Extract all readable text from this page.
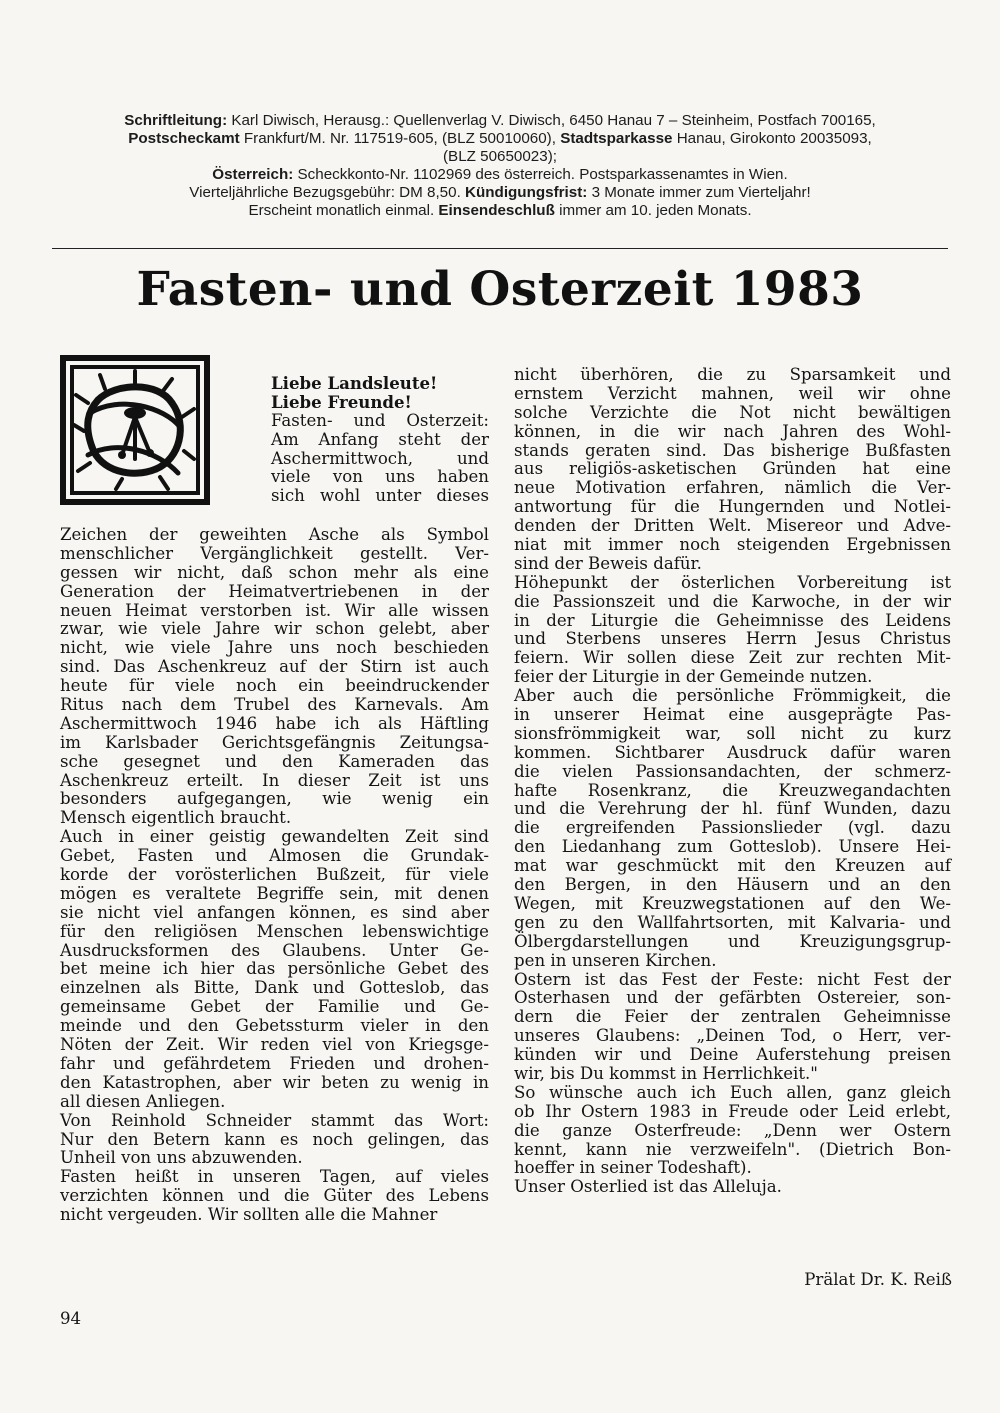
Schriftleitung: Karl Diwisch, Herausg.: Quellenverlag V. Diwisch, 6450 Hanau 7 – Steinheim, Postfach 700165,
Postscheckamt Frankfurt/M. Nr. 117519-605, (BLZ 50010060), Stadtsparkasse Hanau, Girokonto 20035093,
(BLZ 50650023);
Österreich: Scheckkonto-Nr. 1102969 des österreich. Postsparkassenamtes in Wien.
Vierteljährliche Bezugsgebühr: DM 8,50. Kündigungsfrist: 3 Monate immer zum Vierteljahr!
Erscheint monatlich einmal. Einsendeschluß immer am 10. jeden Monats.
Fasten- und Osterzeit 1983
Liebe Landsleute!
Liebe Freunde!
Fasten- und Osterzeit:
Am Anfang steht der
Aschermittwoch, und
viele von uns haben
sich wohl unter dieses
Zeichen der geweihten Asche als Symbol
menschlicher Vergänglichkeit gestellt. Ver-
gessen wir nicht, daß schon mehr als eine
Generation der Heimatvertriebenen in der
neuen Heimat verstorben ist. Wir alle wissen
zwar, wie viele Jahre wir schon gelebt, aber
nicht, wie viele Jahre uns noch beschieden
sind. Das Aschenkreuz auf der Stirn ist auch
heute für viele noch ein beeindruckender
Ritus nach dem Trubel des Karnevals. Am
Aschermittwoch 1946 habe ich als Häftling
im Karlsbader Gerichtsgefängnis Zeitungsa-
sche gesegnet und den Kameraden das
Aschenkreuz erteilt. In dieser Zeit ist uns
besonders aufgegangen, wie wenig ein
Mensch eigentlich braucht.
Auch in einer geistig gewandelten Zeit sind
Gebet, Fasten und Almosen die Grundak-
korde der vorösterlichen Bußzeit, für viele
mögen es veraltete Begriffe sein, mit denen
sie nicht viel anfangen können, es sind aber
für den religiösen Menschen lebenswichtige
Ausdrucksformen des Glaubens. Unter Ge-
bet meine ich hier das persönliche Gebet des
einzelnen als Bitte, Dank und Gotteslob, das
gemeinsame Gebet der Familie und Ge-
meinde und den Gebetssturm vieler in den
Nöten der Zeit. Wir reden viel von Kriegsge-
fahr und gefährdetem Frieden und drohen-
den Katastrophen, aber wir beten zu wenig in
all diesen Anliegen.
Von Reinhold Schneider stammt das Wort:
Nur den Betern kann es noch gelingen, das
Unheil von uns abzuwenden.
Fasten heißt in unseren Tagen, auf vieles
verzichten können und die Güter des Lebens
nicht vergeuden. Wir sollten alle die Mahner
nicht überhören, die zu Sparsamkeit und
ernstem Verzicht mahnen, weil wir ohne
solche Verzichte die Not nicht bewältigen
können, in die wir nach Jahren des Wohl-
stands geraten sind. Das bisherige Bußfasten
aus religiös-asketischen Gründen hat eine
neue Motivation erfahren, nämlich die Ver-
antwortung für die Hungernden und Notlei-
denden der Dritten Welt. Misereor und Adve-
niat mit immer noch steigenden Ergebnissen
sind der Beweis dafür.
Höhepunkt der österlichen Vorbereitung ist
die Passionszeit und die Karwoche, in der wir
in der Liturgie die Geheimnisse des Leidens
und Sterbens unseres Herrn Jesus Christus
feiern. Wir sollen diese Zeit zur rechten Mit-
feier der Liturgie in der Gemeinde nutzen.
Aber auch die persönliche Frömmigkeit, die
in unserer Heimat eine ausgeprägte Pas-
sionsfrömmigkeit war, soll nicht zu kurz
kommen. Sichtbarer Ausdruck dafür waren
die vielen Passionsandachten, der schmerz-
hafte Rosenkranz, die Kreuzwegandachten
und die Verehrung der hl. fünf Wunden, dazu
die ergreifenden Passionslieder (vgl. dazu
den Liedanhang zum Gotteslob). Unsere Hei-
mat war geschmückt mit den Kreuzen auf
den Bergen, in den Häusern und an den
Wegen, mit Kreuzwegstationen auf den We-
gen zu den Wallfahrtsorten, mit Kalvaria- und
Ölbergdarstellungen und Kreuzigungsgrup-
pen in unseren Kirchen.
Ostern ist das Fest der Feste: nicht Fest der
Osterhasen und der gefärbten Ostereier, son-
dern die Feier der zentralen Geheimnisse
unseres Glaubens: „Deinen Tod, o Herr, ver-
künden wir und Deine Auferstehung preisen
wir, bis Du kommst in Herrlichkeit."
So wünsche auch ich Euch allen, ganz gleich
ob Ihr Ostern 1983 in Freude oder Leid erlebt,
die ganze Osterfreude: „Denn wer Ostern
kennt, kann nie verzweifeln". (Dietrich Bon-
hoeffer in seiner Todeshaft).
Unser Osterlied ist das Alleluja.
Prälat Dr. K. Reiß
94
